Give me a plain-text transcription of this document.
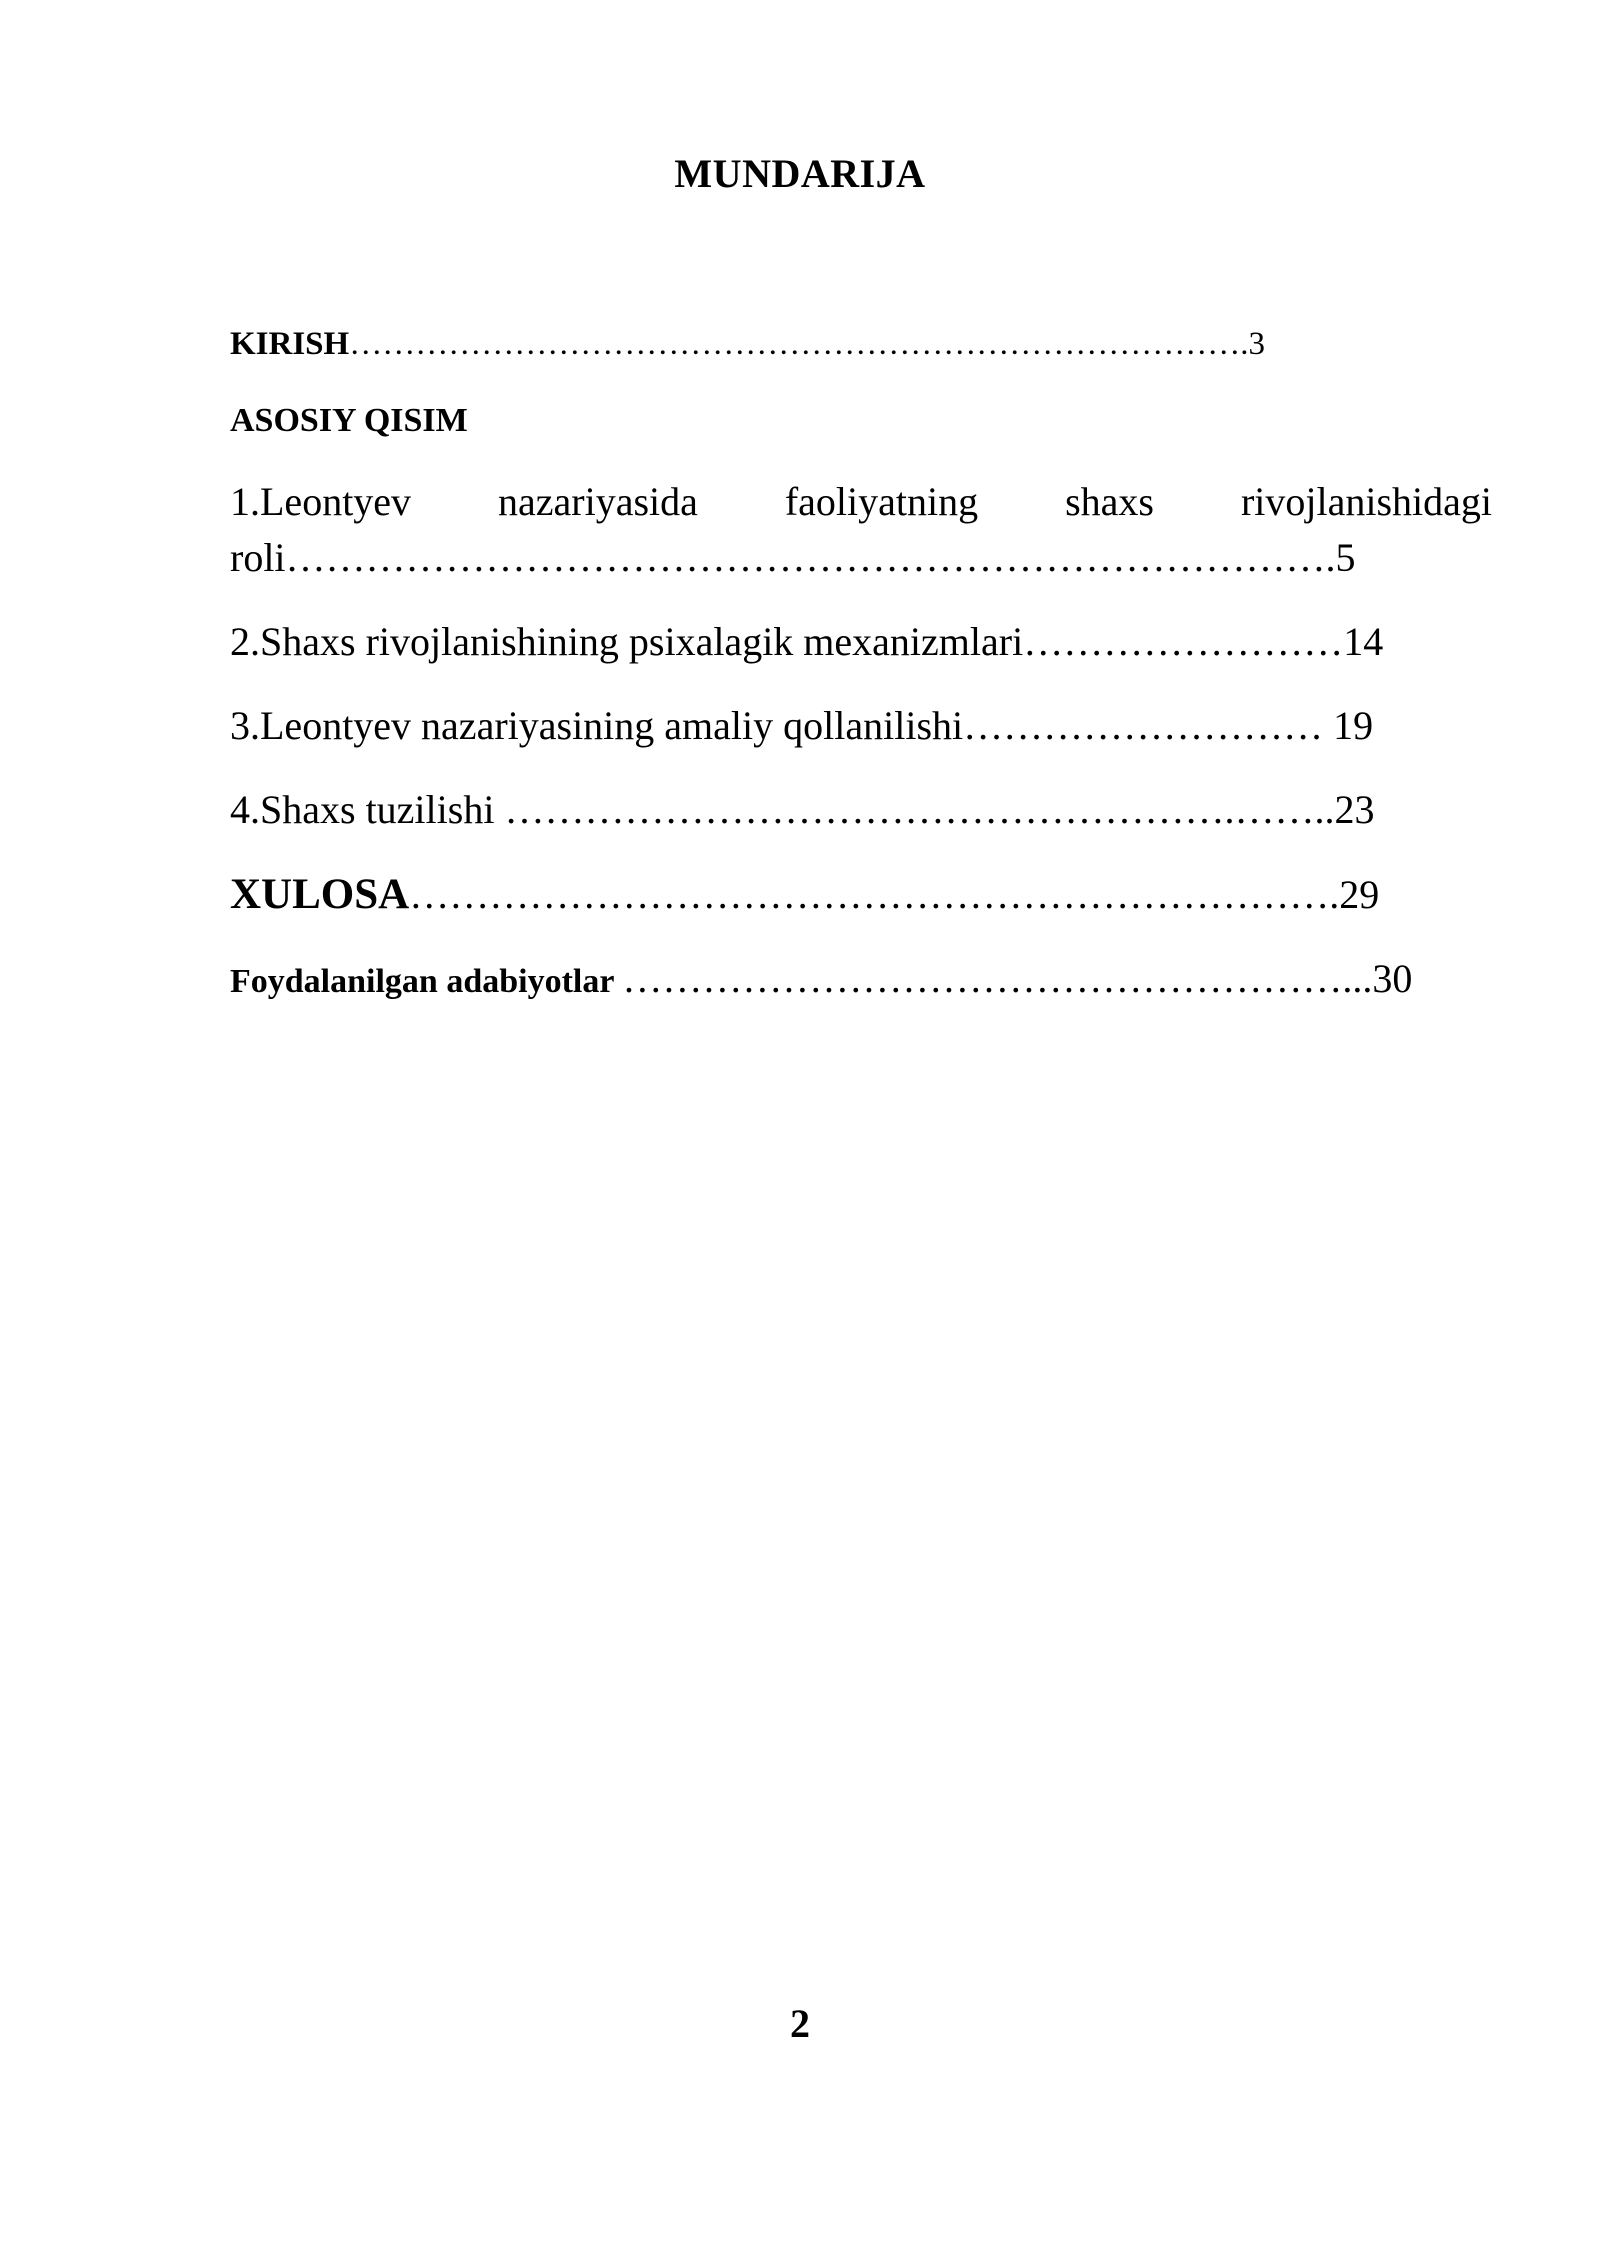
MUNDARIJA
KIRISH……………………………………………………………………….3
ASOSIY QISIM
1.Leontyev nazariyasida faoliyatning shaxs rivojlanishidagi
roli…………………………………………………………………….5
2.Shaxs rivojlanishining psixalagik mexanizmlari……………………14
3.Leontyev nazariyasining amaliy qollanilishi……………………… 19
4.Shaxs tuzilishi ……………………………………………….……..23
XULOSA…………………………………………………………….29
Foydalanilgan adabiyotlar ………………………………………………...30
2
